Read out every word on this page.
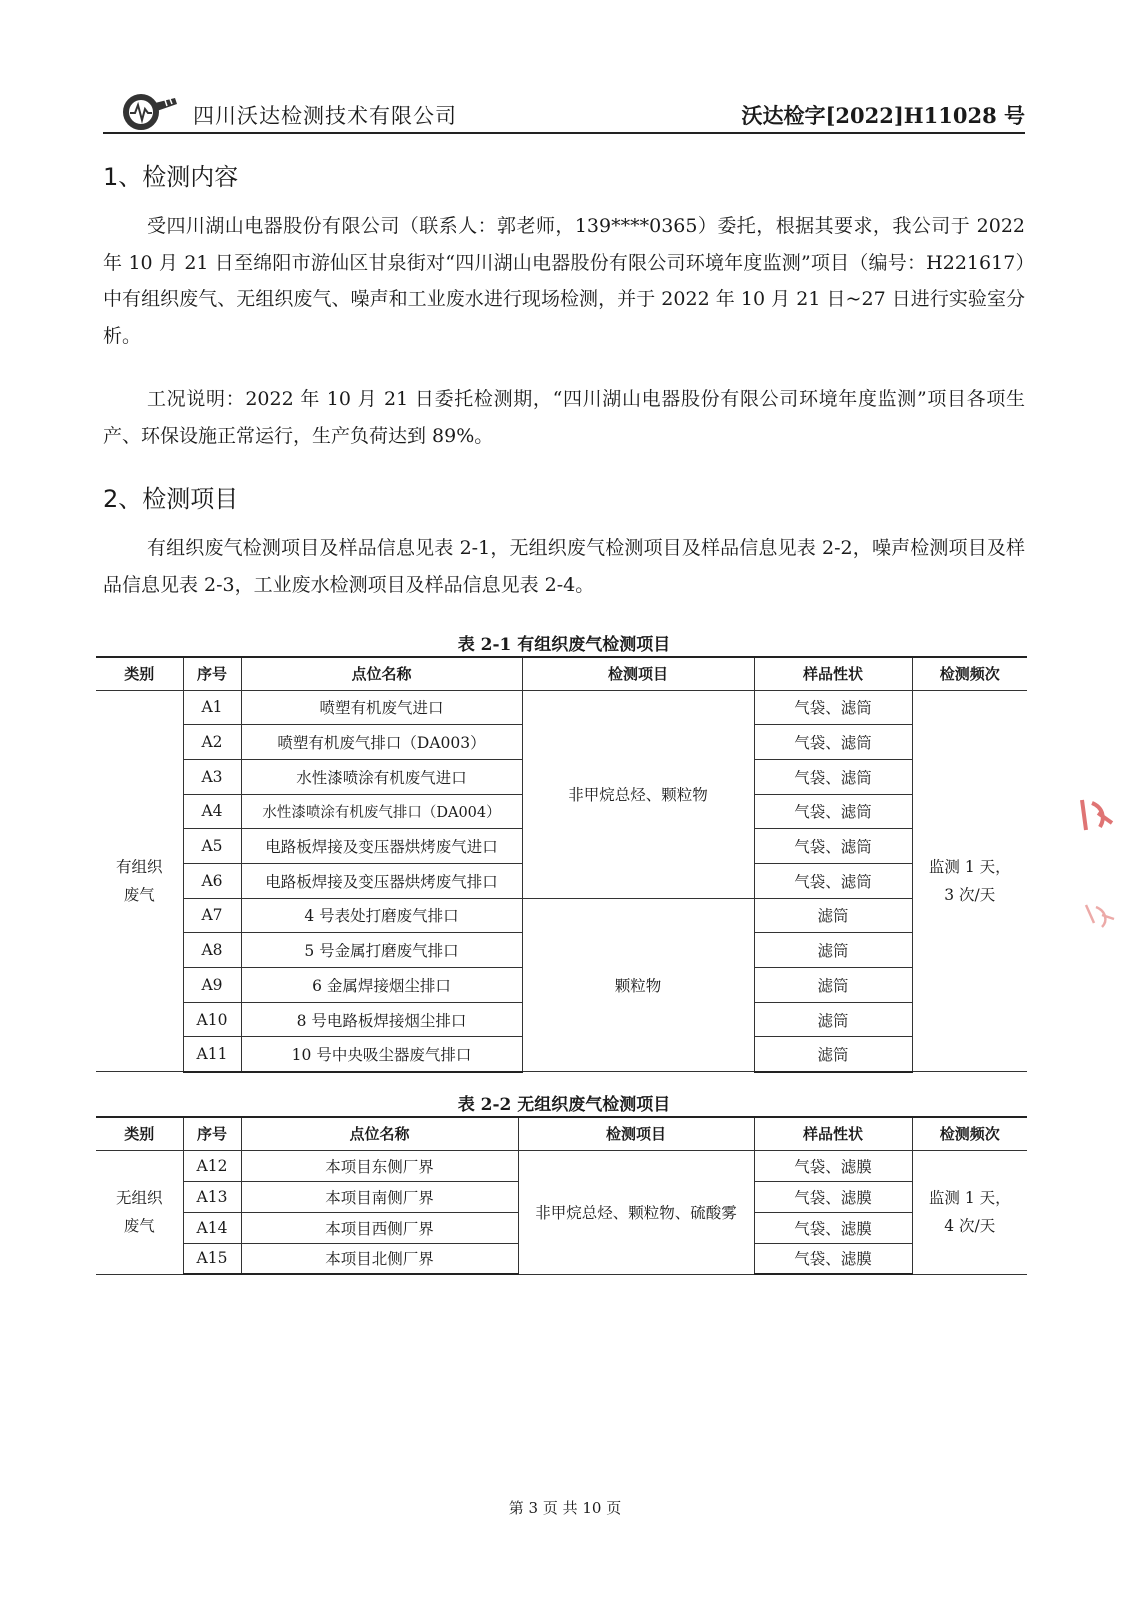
四川沃达检测技术有限公司	沃达检字[2022]H11028 号
1、检测内容

受四川湖山电器股份有限公司（联系人：郭老师，139****0365）委托，根据其要求，我公司于 2022 年 10 月 21 日至绵阳市游仙区甘泉街对“四川湖山电器股份有限公司环境年度监测”项目（编号：H221617）中有组织废气、无组织废气、噪声和工业废水进行现场检测，并于 2022 年 10 月 21 日~27 日进行实验室分析。

工况说明：2022 年 10 月 21 日委托检测期，“四川湖山电器股份有限公司环境年度监测”项目各项生产、环保设施正常运行，生产负荷达到 89%。

2、检测项目

有组织废气检测项目及样品信息见表 2-1，无组织废气检测项目及样品信息见表 2-2，噪声检测项目及样品信息见表 2-3，工业废水检测项目及样品信息见表 2-4。

表 2-1 有组织废气检测项目
类别	序号	点位名称	检测项目	样品性状	检测频次
有组织
废气	A1	喷塑有机废气进口	非甲烷总烃、颗粒物	气袋、滤筒	监测 1 天，
3 次/天
	A2	喷塑有机废气排口（DA003）		气袋、滤筒	
	A3	水性漆喷涂有机废气进口		气袋、滤筒	
	A4	水性漆喷涂有机废气排口（DA004）		气袋、滤筒	
	A5	电路板焊接及变压器烘烤废气进口		气袋、滤筒	
	A6	电路板焊接及变压器烘烤废气排口		气袋、滤筒	
	A7	4 号表处打磨废气排口	颗粒物	滤筒	
	A8	5 号金属打磨废气排口		滤筒	
	A9	6 金属焊接烟尘排口		滤筒	
	A10	8 号电路板焊接烟尘排口		滤筒	
	A11	10 号中央吸尘器废气排口		滤筒	
表 2-2 无组织废气检测项目
类别	序号	点位名称	检测项目	样品性状	检测频次
无组织
废气	A12	本项目东侧厂界	非甲烷总烃、颗粒物、硫酸雾	气袋、滤膜	监测 1 天，
4 次/天
	A13	本项目南侧厂界		气袋、滤膜	
	A14	本项目西侧厂界		气袋、滤膜	
	A15	本项目北侧厂界		气袋、滤膜	
第 3 页 共 10 页
